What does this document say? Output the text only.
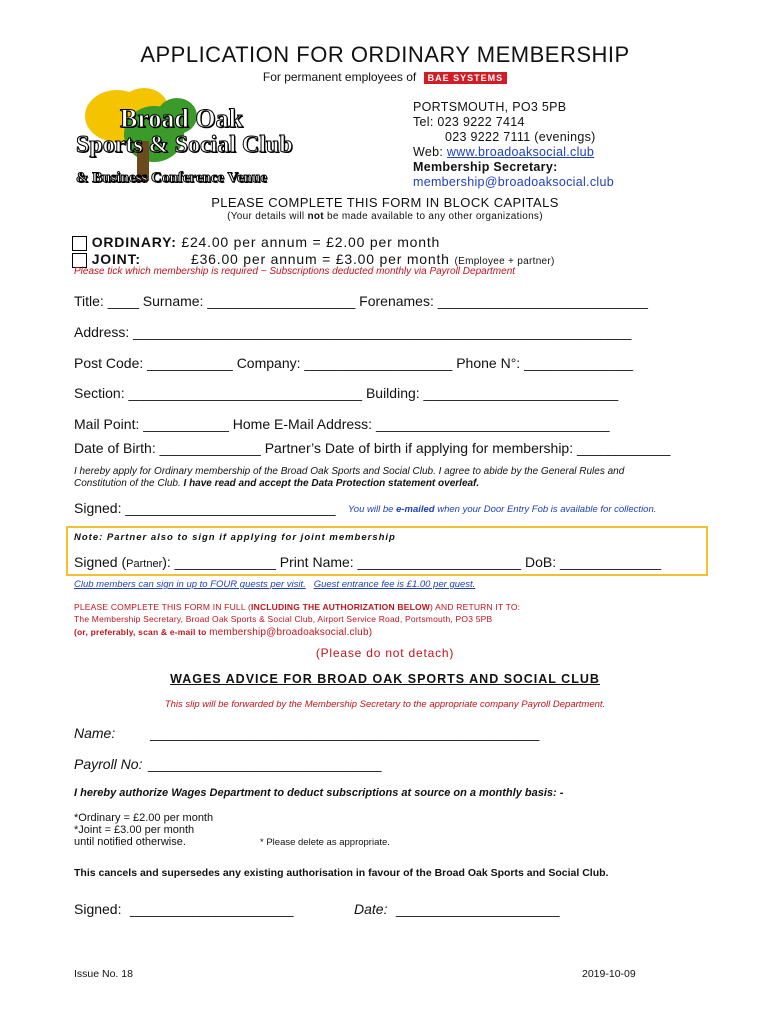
APPLICATION FOR ORDINARY MEMBERSHIP
For permanent employees of BAE SYSTEMS
Broad Oak
Sports & Social Club
& Business Conference Venue
PORTSMOUTH, PO3 5PB
Tel: 023 9222 7414
023 9222 7111 (evenings)
Web: www.broadoaksocial.club
Membership Secretary:
membership@broadoaksocial.club
PLEASE COMPLETE THIS FORM IN BLOCK CAPITALS
(Your details will not be made available to any other organizations)
ORDINARY: £24.00 per annum = £2.00 per month
JOINT:	£36.00 per annum = £3.00 per month (Employee + partner)
Please tick which membership is required ~ Subscriptions deducted monthly via Payroll Department
Title: ____ Surname: ___________________ Forenames: ___________________________
Address: ________________________________________________________________
Post Code: ___________ Company: ___________________ Phone N°: ______________
Section: ______________________________ Building: _________________________
Mail Point: ___________ Home E-Mail Address: ______________________________
Date of Birth: _____________ Partner’s Date of birth if applying for membership: ____________
I hereby apply for Ordinary membership of the Broad Oak Sports and Social Club. I agree to abide by the General Rules and
Constitution of the Club. I have read and accept the Data Protection statement overleaf.
Signed: ___________________________ You will be e-mailed when your Door Entry Fob is available for collection.
Note: Partner also to sign if applying for joint membership
Signed (Partner): _____________ Print Name: _____________________ DoB: _____________
Club members can sign in up to FOUR guests per visit. Guest entrance fee is £1.00 per guest.
PLEASE COMPLETE THIS FORM IN FULL (INCLUDING THE AUTHORIZATION BELOW) AND RETURN IT TO:
The Membership Secretary, Broad Oak Sports & Social Club, Airport Service Road, Portsmouth, PO3 5PB
(or, preferably, scan & e-mail to membership@broadoaksocial.club)
(Please do not detach)
WAGES ADVICE FOR BROAD OAK SPORTS AND SOCIAL CLUB
This slip will be forwarded by the Membership Secretary to the appropriate company Payroll Department.
Name: __________________________________________________
Payroll No: ______________________________
I hereby authorize Wages Department to deduct subscriptions at source on a monthly basis: -
*Ordinary = £2.00 per month
*Joint = £3.00 per month
until notified otherwise.	* Please delete as appropriate.
This cancels and supersedes any existing authorisation in favour of the Broad Oak Sports and Social Club.
Signed: _____________________	Date: _____________________
Issue No. 18	2019-10-09
